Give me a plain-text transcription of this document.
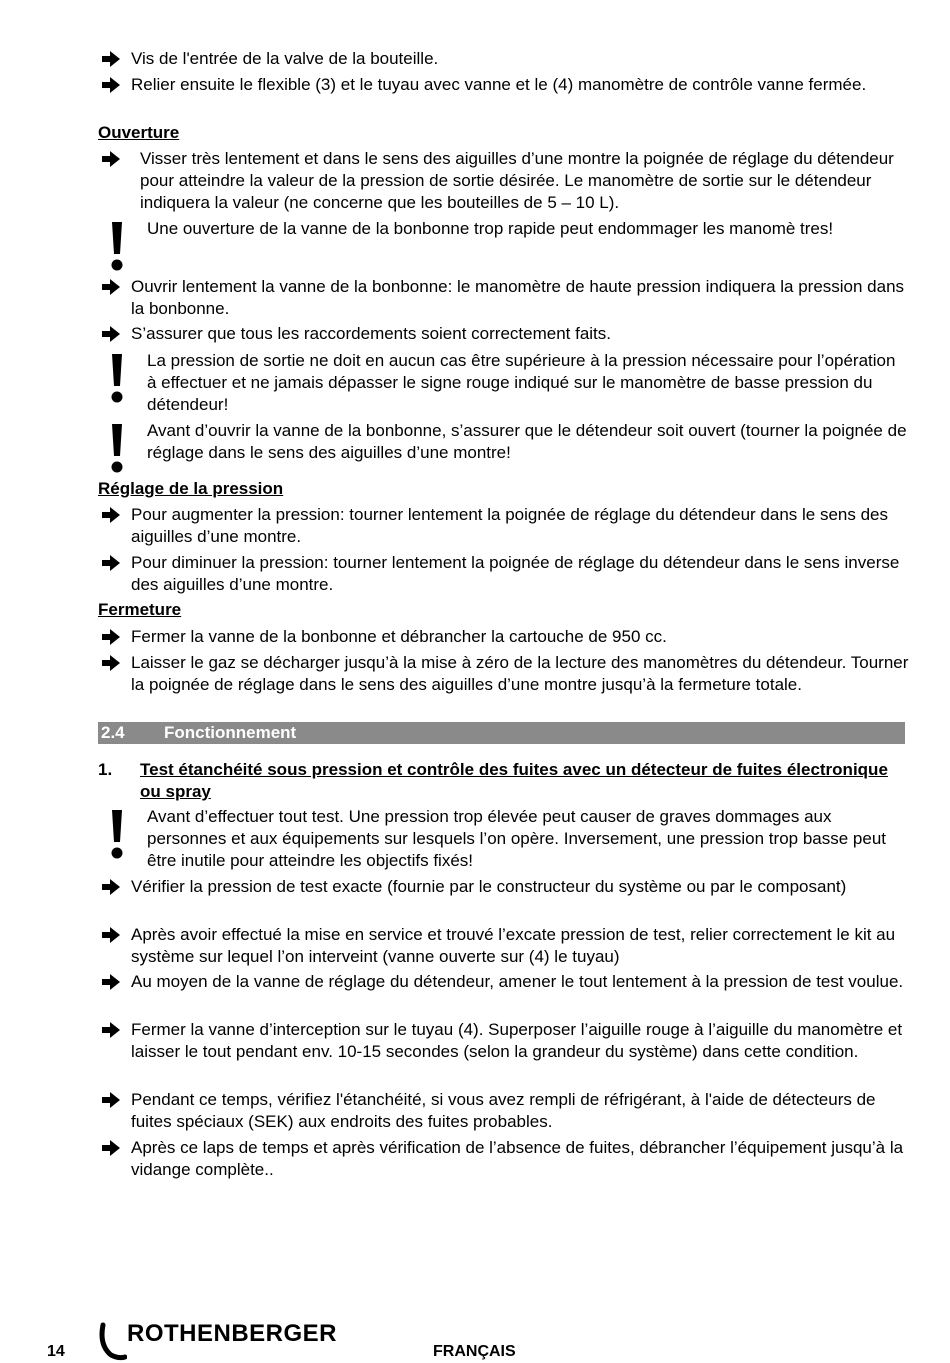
Vis de l'entrée de la valve de la bouteille.
Relier ensuite le flexible (3) et le tuyau avec vanne et le (4) manomètre de contrôle vanne fermée.
Ouverture
Visser très lentement et dans le sens des aiguilles d’une montre la poignée de réglage du détendeur pour atteindre la valeur de la pression de sortie désirée. Le manomètre de sortie sur le détendeur indiquera la valeur (ne concerne que les bouteilles de 5 – 10 L).
Une ouverture de la vanne de la bonbonne trop rapide peut endommager les manomè tres!
Ouvrir lentement la vanne de la bonbonne: le manomètre de haute pression indiquera la pression dans la bonbonne.
S’assurer que tous les raccordements soient correctement faits.
La pression de sortie ne doit en aucun cas être supérieure à la pression nécessaire pour l’opération à effectuer et ne jamais dépasser le signe rouge indiqué sur le manomètre de basse pression du détendeur!
Avant d’ouvrir la vanne de la bonbonne, s’assurer que le détendeur soit ouvert (tourner la poignée de réglage dans le sens des aiguilles d’une montre!
Réglage de la pression
Pour augmenter la pression: tourner lentement la poignée de réglage du détendeur dans le sens des aiguilles d’une montre.
Pour diminuer la pression: tourner lentement la poignée de réglage du détendeur dans le sens inverse des aiguilles d’une montre.
Fermeture
Fermer la vanne de la bonbonne et débrancher la cartouche de 950 cc.
Laisser le gaz se décharger jusqu’à la mise à zéro de la lecture des manomètres du détendeur. Tourner la poignée de réglage dans le sens des aiguilles d’une montre jusqu’à la fermeture totale.
2.4 Fonctionnement
1. Test étanchéité sous pression et contrôle des fuites avec un détecteur de fuites électronique ou spray
Avant d’effectuer tout test. Une pression trop élevée peut causer de graves dommages aux personnes et aux équipements sur lesquels l’on opère. Inversement, une pression trop basse peut être inutile pour atteindre les objectifs fixés!
Vérifier la pression de test exacte (fournie par le constructeur du système ou par le composant)
Après avoir effectué la mise en service et trouvé l’excate pression de test, relier correctement le kit au système sur lequel l’on interveint (vanne ouverte sur (4) le tuyau)
Au moyen de la vanne de réglage du détendeur, amener le tout lentement à la pression de test voulue.
Fermer la vanne d’interception sur le tuyau (4). Superposer l’aiguille rouge à l’aiguille du manomètre et laisser le tout pendant env. 10-15 secondes (selon la grandeur du système) dans cette condition.
Pendant ce temps, vérifiez l'étanchéité, si vous avez rempli de réfrigérant, à l'aide de détecteurs de fuites spéciaux (SEK) aux endroits des fuites probables.
Après ce laps de temps et après vérification de l’absence de fuites, débrancher l’équipement jusqu’à la vidange complète..
14
ROTHENBERGER
FRANÇAIS
